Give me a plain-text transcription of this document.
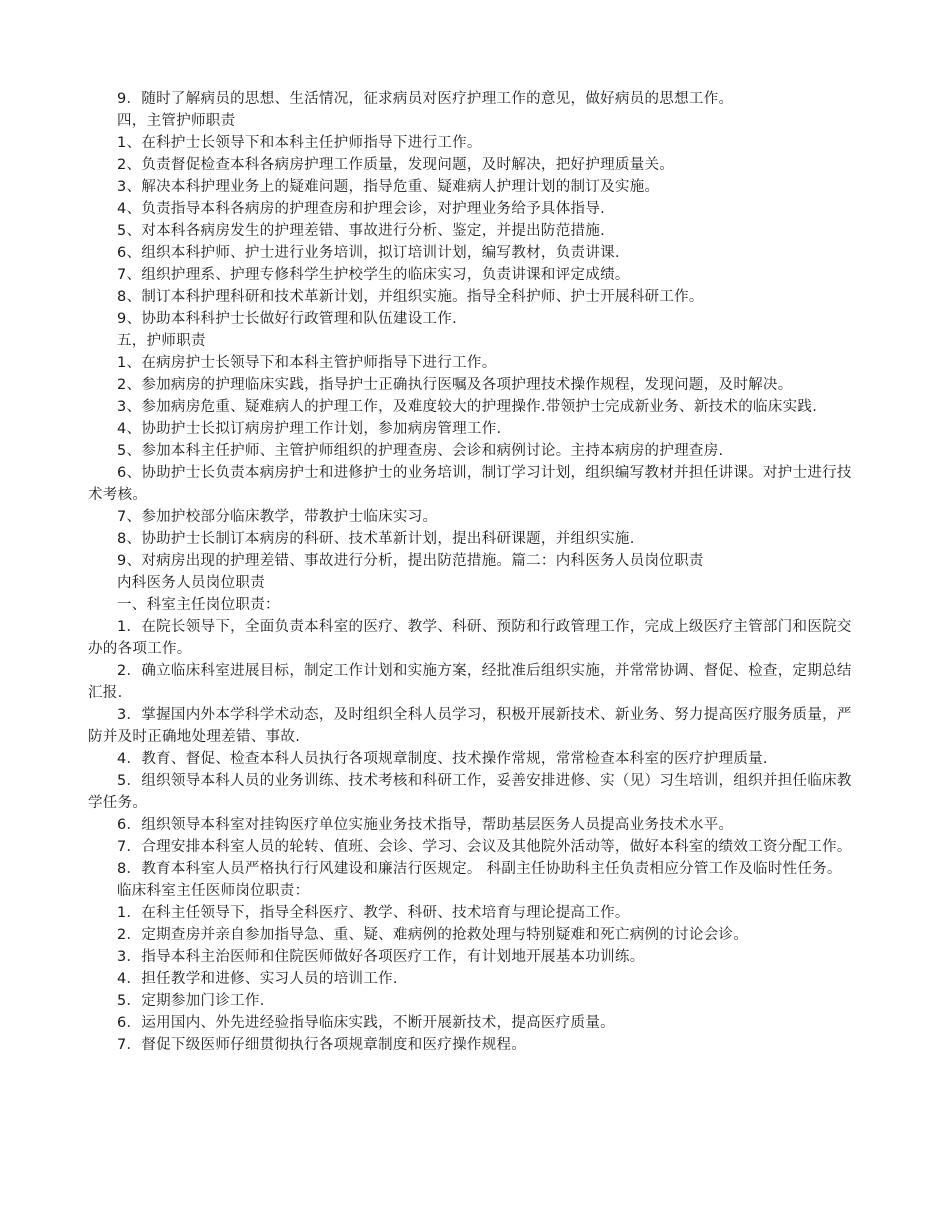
9．随时了解病员的思想、生活情况，征求病员对医疗护理工作的意见，做好病员的思想工作。

四，主管护师职责

1、在科护士长领导下和本科主任护师指导下进行工作。

2、负责督促检查本科各病房护理工作质量，发现问题，及时解决，把好护理质量关。

3、解决本科护理业务上的疑难问题，指导危重、疑难病人护理计划的制订及实施。

4、负责指导本科各病房的护理查房和护理会诊，对护理业务给予具体指导.

5、对本科各病房发生的护理差错、事故进行分析、鉴定，并提出防范措施.

6、组织本科护师、护士进行业务培训，拟订培训计划，编写教材，负责讲课.

7、组织护理系、护理专修科学生护校学生的临床实习，负责讲课和评定成绩。

8、制订本科护理科研和技术革新计划，并组织实施。指导全科护师、护士开展科研工作。

9、协助本科科护士长做好行政管理和队伍建设工作.

五，护师职责

1、在病房护士长领导下和本科主管护师指导下进行工作。

2、参加病房的护理临床实践，指导护士正确执行医嘱及各项护理技术操作规程，发现问题，及时解决。

3、参加病房危重、疑难病人的护理工作，及难度较大的护理操作.带领护士完成新业务、新技术的临床实践.

4、协助护士长拟订病房护理工作计划，参加病房管理工作.

5、参加本科主任护师、主管护师组织的护理查房、会诊和病例讨论。主持本病房的护理查房.

6、协助护士长负责本病房护士和进修护士的业务培训，制订学习计划，组织编写教材并担任讲课。对护士进行技术考核。

7、参加护校部分临床教学，带教护士临床实习。

8、协助护士长制订本病房的科研、技术革新计划，提出科研课题，并组织实施.

9、对病房出现的护理差错、事故进行分析，提出防范措施。篇二：内科医务人员岗位职责

内科医务人员岗位职责

一、科室主任岗位职责：

1．在院长领导下，全面负责本科室的医疗、教学、科研、预防和行政管理工作，完成上级医疗主管部门和医院交办的各项工作。

2．确立临床科室进展目标，制定工作计划和实施方案，经批准后组织实施，并常常协调、督促、检查，定期总结汇报.

3．掌握国内外本学科学术动态，及时组织全科人员学习，积极开展新技术、新业务、努力提高医疗服务质量，严防并及时正确地处理差错、事故.

4．教育、督促、检查本科人员执行各项规章制度、技术操作常规，常常检查本科室的医疗护理质量.

5．组织领导本科人员的业务训练、技术考核和科研工作，妥善安排进修、实（见）习生培训，组织并担任临床教学任务。

6．组织领导本科室对挂钩医疗单位实施业务技术指导，帮助基层医务人员提高业务技术水平。

7．合理安排本科室人员的轮转、值班、会诊、学习、会议及其他院外活动等，做好本科室的绩效工资分配工作。

8．教育本科室人员严格执行行风建设和廉洁行医规定。 科副主任协助科主任负责相应分管工作及临时性任务。

临床科室主任医师岗位职责：

1．在科主任领导下，指导全科医疗、教学、科研、技术培育与理论提高工作。

2．定期查房并亲自参加指导急、重、疑、难病例的抢救处理与特别疑难和死亡病例的讨论会诊。

3．指导本科主治医师和住院医师做好各项医疗工作，有计划地开展基本功训练。

4．担任教学和进修、实习人员的培训工作.

5．定期参加门诊工作.

6．运用国内、外先进经验指导临床实践，不断开展新技术，提高医疗质量。

7．督促下级医师仔细贯彻执行各项规章制度和医疗操作规程。
